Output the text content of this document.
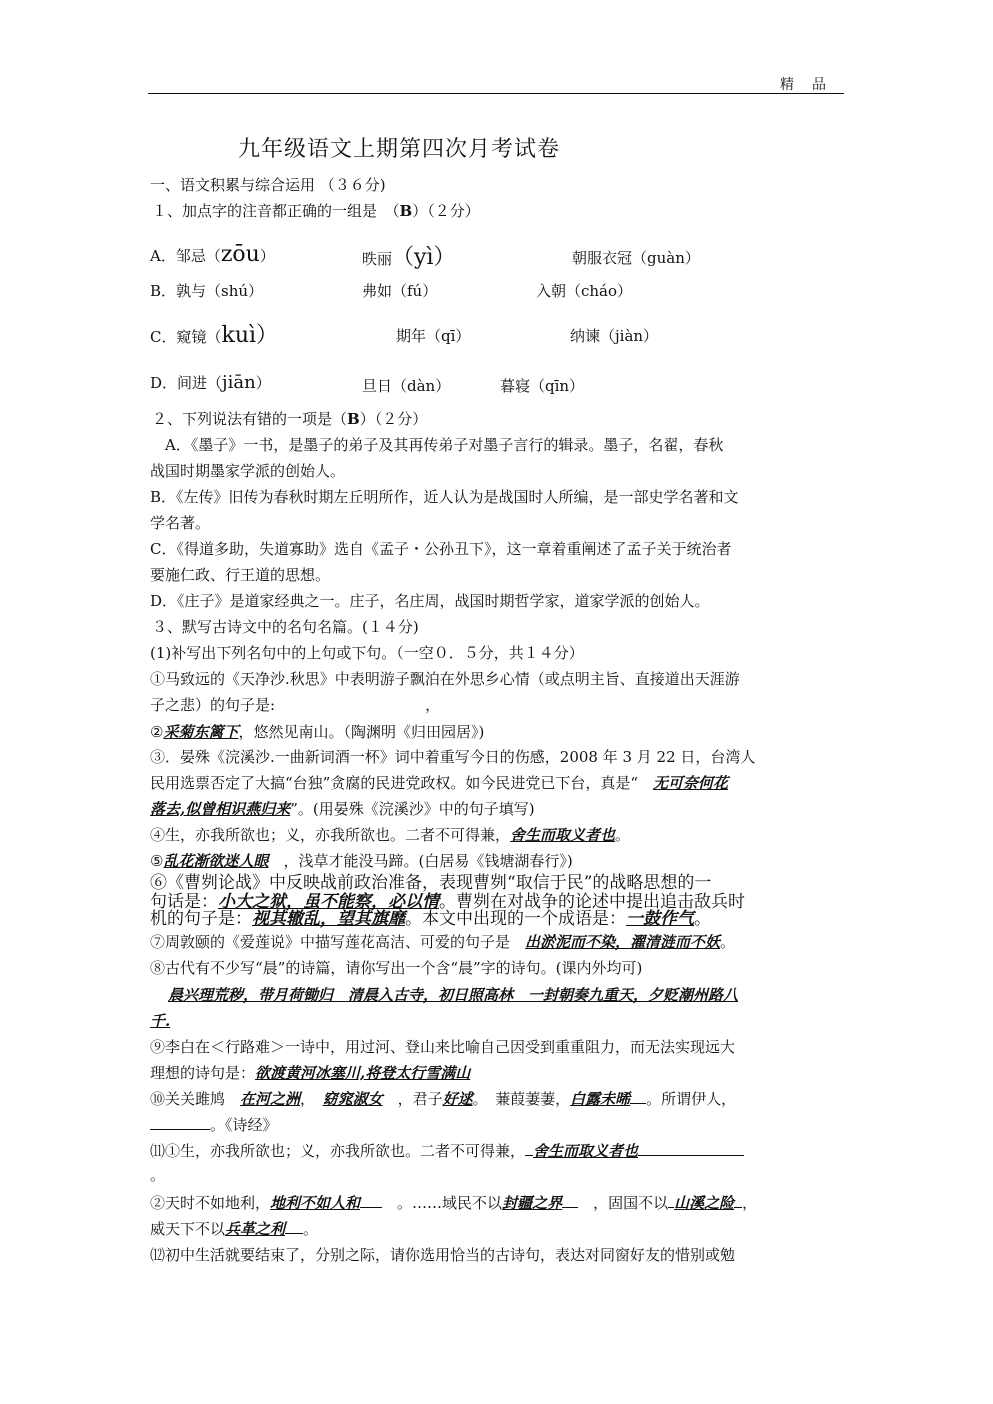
精　品
九年级语文上期第四次月考试卷
一、语文积累与综合运用 （３６分)
１、加点字的注音都正确的一组是　（B）（２分）
A．邹忌（zōu）	昳丽（yì）	朝服衣冠（guàn）
B．孰与（shú）	弗如（fú）	入朝（cháo）
C．窥镜（kuì）	期年（qī）	纳谏（jiàn）
D．间进（jiān）	旦日（dàn）	暮寝（qīn）
２、下列说法有错的一项是（B）（２分）
　A．《墨子》一书，是墨子的弟子及其再传弟子对墨子言行的辑录。墨子，名翟，春秋
战国时期墨家学派的创始人。
B．《左传》旧传为春秋时期左丘明所作，近人认为是战国时人所编，是一部史学名著和文
学名著。
C．《得道多助，失道寡助》选自《孟子・公孙丑下》，这一章着重阐述了孟子关于统治者
要施仁政、行王道的思想。
D．《庄子》是道家经典之一。庄子，名庄周，战国时期哲学家，道家学派的创始人。
３、默写古诗文中的名句名篇。(１４分)
(1)补写出下列名句中的上句或下句。（一空０．５分，共１４分）
①马致远的《天净沙.秋思》中表明游子飘泊在外思乡心情（或点明主旨、直接道出天涯游
子之悲）的句子是:	，
②采菊东篱下，悠然见南山。（陶渊明《归田园居》)
③．晏殊《浣溪沙.一曲新词酒一杯》词中着重写今日的伤感，2008 年 3 月 22 日，台湾人
民用选票否定了大搞“台独”贪腐的民进党政权。如今民进党已下台，真是“　 无可奈何花
落去,似曾相识燕归来”。(用晏殊《浣溪沙》中的句子填写)
④生，亦我所欲也；义，亦我所欲也。二者不可得兼，舍生而取义者也。
⑤乱花渐欲迷人眼　 ，浅草才能没马蹄。(白居易《钱塘湖春行》)
⑥《曹刿论战》中反映战前政治准备，表现曹刿“取信于民”的战略思想的一
句话是：小大之狱，虽不能察，必以情。曹刿在对战争的论述中提出追击敌兵时
机的句子是：视其辙乱，望其旗靡。本文中出现的一个成语是：一鼓作气。
⑦周敦颐的《爱莲说》中描写莲花高洁、可爱的句子是　 出淤泥而不染，濯清涟而不妖。
⑧古代有不少写“晨”的诗篇，请你写出一个含“晨”字的诗句。(课内外均可)
晨兴理荒秽，带月荷锄归　清晨入古寺，初日照高林　一封朝奏九重天，夕贬潮州路八
千.
⑨李白在＜行路难＞一诗中，用过河、登山来比喻自己因受到重重阻力，而无法实现远大
理想的诗句是：欲渡黄河冰塞川,将登太行雪满山
⑩关关雎鸠　 在河之洲，　 窈窕淑女　 ，君子好逑。　蒹葭萋萋，白露未晞 。所谓伊人，
。《诗经》
⑾①生，亦我所欲也；义，亦我所欲也。二者不可得兼， 舍生而取义者也
。
②天时不如地利，地利不如人和　 。……域民不以封疆之界　 ，固国不以 山溪之险 ，
威天下不以兵革之利 。
⑿初中生活就要结束了，分别之际，请你选用恰当的古诗句，表达对同窗好友的惜别或勉
